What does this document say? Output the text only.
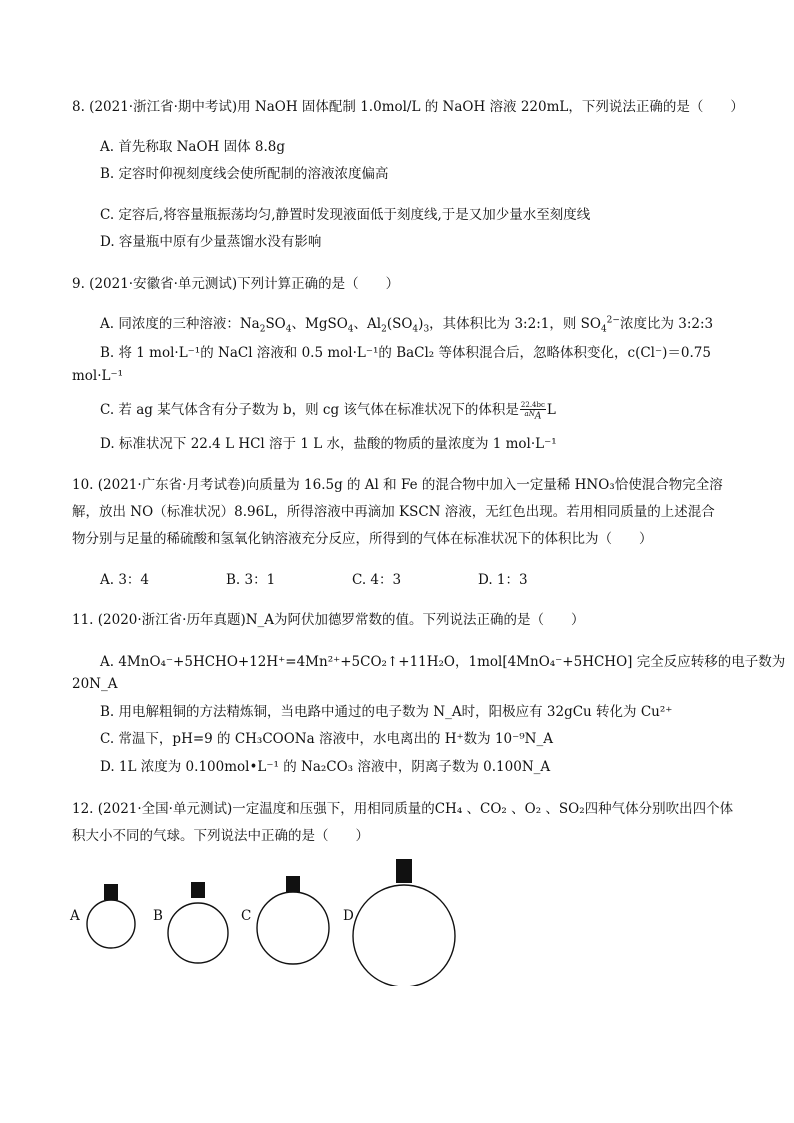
8. (2021·浙江省·期中考试)用 NaOH 固体配制 1.0mol/L 的 NaOH 溶液 220mL，下列说法正确的是（　　）
A. 首先称取 NaOH 固体 8.8g
B. 定容时仰视刻度线会使所配制的溶液浓度偏高
C. 定容后,将容量瓶振荡均匀,静置时发现液面低于刻度线,于是又加少量水至刻度线
D. 容量瓶中原有少量蒸馏水没有影响
9. (2021·安徽省·单元测试)下列计算正确的是（　　）
A. 同浓度的三种溶液：$Na_2SO_4$、MgSO$_4$、$Al_2(SO_4)_3$，其体积比为 3:2:1，则 $SO_4^{2-}$浓度比为 3:2:3
B. 将 1 mol·L⁻¹的 NaCl 溶液和 0.5 mol·L⁻¹的 BaCl₂ 等体积混合后，忽略体积变化，c(Cl⁻)＝0.75
mol·L⁻¹
C. 若 ag 某气体含有分子数为 b，则 cg 该气体在标准状况下的体积是 $\frac{22.4bc}{aN_A}$ L
D. 标准状况下 22.4 L HCl 溶于 1 L 水，盐酸的物质的量浓度为 1 mol·L⁻¹
10. (2021·广东省·月考试卷)向质量为 16.5g 的 Al 和 Fe 的混合物中加入一定量稀 HNO₃恰使混合物完全溶
解，放出 NO（标准状况）8.96L，所得溶液中再滴加 KSCN 溶液，无红色出现。若用相同质量的上述混合
物分别与足量的稀硫酸和氢氧化钠溶液充分反应，所得到的气体在标准状况下的体积比为（　　）
A. 3：4	B. 3：1	C. 4：3	D. 1：3
11. (2020·浙江省·历年真题)N_A为阿伏加德罗常数的值。下列说法正确的是（　　）
A. 4MnO₄⁻+5HCHO+12H⁺=4Mn²⁺+5CO₂↑+11H₂O，1mol[4MnO₄⁻+5HCHO] 完全反应转移的电子数为
20N_A
B. 用电解粗铜的方法精炼铜，当电路中通过的电子数为 N_A时，阳极应有 32gCu 转化为 Cu²⁺
C. 常温下，pH=9 的 CH₃COONa 溶液中，水电离出的 H⁺数为 10⁻⁹N_A
D. 1L 浓度为 0.100mol•L⁻¹ 的 Na₂CO₃ 溶液中，阴离子数为 0.100N_A
12. (2021·全国·单元测试)一定温度和压强下，用相同质量的CH₄ 、CO₂ 、O₂ 、SO₂四种气体分别吹出四个体
积大小不同的气球。下列说法中正确的是（　　）
A	B	C	D
